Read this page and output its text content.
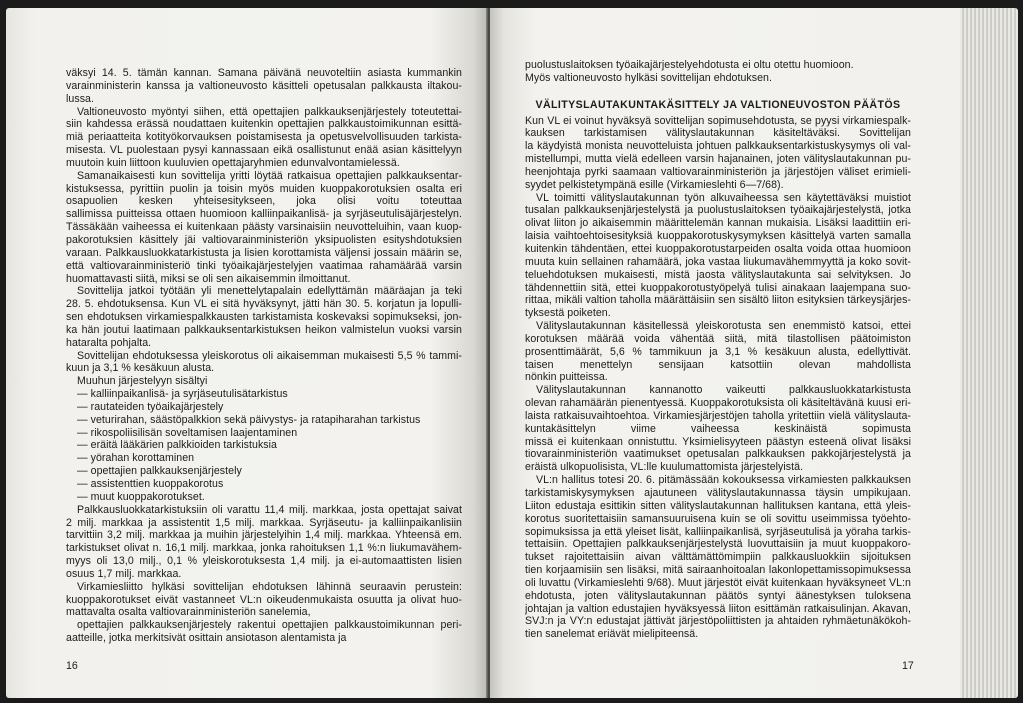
väksyi 14. 5. tämän kannan. Samana päivänä neuvoteltiin asiasta kummankin
varainministerin kanssa ja valtioneuvosto käsitteli opetusalan palkkausta iltakou-
lussa.
Valtioneuvosto myöntyi siihen, että opettajien palkkauksenjärjestely toteutettai-
siin kahdessa erässä noudattaen kuitenkin opettajien palkkaustoimikunnan esittä-
miä periaatteita kotityökorvauksen poistamisesta ja opetusvelvollisuuden tarkista-
misesta. VL puolestaan pysyi kannassaan eikä osallistunut enää asian käsittelyyn
muutoin kuin liittoon kuuluvien opettajaryhmien edunvalvontamielessä.
Samanaikaisesti kun sovittelija yritti löytää ratkaisua opettajien palkkauksentar-
kistuksessa, pyrittiin puolin ja toisin myös muiden kuoppakorotuksien osalta eri
osapuolien kesken yhteisesitykseen, joka olisi voitu toteuttaa
sallimissa puitteissa ottaen huomioon kalliinpaikanlisä- ja syrjäseutulisäjärjestelyn.
Tässäkään vaiheessa ei kuitenkaan päästy varsinaisiin neuvotteluihin, vaan kuop-
pakorotuksien käsittely jäi valtiovarainministeriön yksipuolisten esityshdotuksien
varaan. Palkkausluokkatarkistusta ja lisien korottamista väljensi jossain määrin se,
että valtiovarainministeriö tinki työaikajärjestelyjen vaatimaa rahamäärää varsin
huomattavasti siitä, miksi se oli sen aikaisemmin ilmoittanut.
Sovittelija jatkoi työtään yli menettelytapalain edellyttämän määräajan ja teki
28. 5. ehdotuksensa. Kun VL ei sitä hyväksynyt, jätti hän 30. 5. korjatun ja lopulli-
sen ehdotuksen virkamiespalkkausten tarkistamista koskevaksi sopimukseksi, jon-
ka hän joutui laatimaan palkkauksentarkistuksen heikon valmistelun vuoksi varsin
hataralta pohjalta.
Sovittelijan ehdotuksessa yleiskorotus oli aikaisemman mukaisesti 5,5 % tammi-
kuun ja 3,1 % kesäkuun alusta.
Muuhun järjestelyyn sisältyi
— kalliinpaikanlisä- ja syrjäseutulisätarkistus
— rautateiden työaikajärjestely
— veturirahan, säästöpalkkion sekä päivystys- ja ratapiharahan tarkistus
— rikospoliisilisän soveltamisen laajentaminen
— eräitä lääkärien palkkioiden tarkistuksia
— yörahan korottaminen
— opettajien palkkauksenjärjestely
— assistenttien kuoppakorotus
— muut kuoppakorotukset.
Palkkausluokkatarkistuksiin oli varattu 11,4 milj. markkaa, josta opettajat saivat
2 milj. markkaa ja assistentit 1,5 milj. markkaa. Syrjäseutu- ja kalliinpaikanlisiin
tarvittiin 3,2 milj. markkaa ja muihin järjestelyihin 1,4 milj. markkaa. Yhteensä em.
tarkistukset olivat n. 16,1 milj. markkaa, jonka rahoituksen 1,1 %:n liukumavähem-
myys oli 13,0 milj., 0,1 % yleiskorotuksesta 1,4 milj. ja ei-automaattisten lisien
osuus 1,7 milj. markkaa.
Virkamiesliitto hylkäsi sovittelijan ehdotuksen lähinnä seuraavin perustein:
kuoppakorotukset eivät vastanneet VL:n oikeudenmukaista osuutta ja olivat huo-
mattavalta osalta valtiovarainministeriön sanelemia,
opettajien palkkauksenjärjestely rakentui opettajien palkkaustoimikunnan peri-
aatteille, jotka merkitsivät osittain ansiotason alentamista ja
16
puolustuslaitoksen työaikajärjestelyehdotusta ei oltu otettu huomioon.
Myös valtioneuvosto hylkäsi sovittelijan ehdotuksen.
VÄLITYSLAUTAKUNTAKÄSITTELY JA VALTIONEUVOSTON PÄÄTÖS
Kun VL ei voinut hyväksyä sovittelijan sopimusehdotusta, se pyysi virkamiespalk-
kauksen tarkistamisen välityslautakunnan käsiteltäväksi. Sovittelijan
la käydyistä monista neuvotteluista johtuen palkkauksentarkistuskysymys oli val-
mistellumpi, mutta vielä edelleen varsin hajanainen, joten välityslautakunnan pu-
heenjohtaja pyrki saamaan valtiovarainministeriön ja järjestöjen väliset erimieli-
syydet pelkistetympänä esille (Virkamieslehti 6—7/68).
VL toimitti välityslautakunnan työn alkuvaiheessa sen käytettäväksi muistiot
tusalan palkkauksenjärjestelystä ja puolustuslaitoksen työaikajärjestelystä, jotka
olivat liiton jo aikaisemmin määrittelemän kannan mukaisia. Lisäksi laadittiin eri-
laisia vaihtoehtoisesityksiä kuoppakorotuskysymyksen käsittelyä varten samalla
kuitenkin tähdentäen, ettei kuoppakorotustarpeiden osalta voida ottaa huomioon
muuta kuin sellainen rahamäärä, joka vastaa liukumavähemmyyttä ja koko sovit-
teluehdotuksen mukaisesti, mistä jaosta välityslautakunta sai selvityksen. Jo
tähdennettiin sitä, ettei kuoppakorotustyöpelyä tulisi ainakaan laajempana suo-
rittaa, mikäli valtion taholla määrättäisiin sen sisältö liiton esityksien tärkeysjärjes-
tyksestä poiketen.
Välityslautakunnan käsitellessä yleiskorotusta sen enemmistö katsoi, ettei
korotuksen määrää voida vähentää siitä, mitä tilastollisen päätoimiston
prosenttimäärät, 5,6 % tammikuun ja 3,1 % kesäkuun alusta, edellyttivät.
taisen menettelyn sensijaan katsottiin olevan mahdollista
nönkin puitteissa.
Välityslautakunnan kannanotto vaikeutti palkkausluokkatarkistusta
olevan rahamäärän pienentyessä. Kuoppakorotuksista oli käsiteltävänä kuusi eri-
laista ratkaisuvaihtoehtoa. Virkamiesjärjestöjen taholla yritettiin vielä välityslauta-
kuntakäsittelyn viime vaiheessa keskinäistä sopimusta
missä ei kuitenkaan onnistuttu. Yksimielisyyteen päästyn esteenä olivat lisäksi
tiovarainministeriön vaatimukset opetusalan palkkauksen pakkojärjestelystä ja
eräistä ulkopuolisista, VL:lle kuulumattomista järjestelyistä.
VL:n hallitus totesi 20. 6. pitämässään kokouksessa virkamiesten palkkauksen
tarkistamiskysymyksen ajautuneen välityslautakunnassa täysin umpikujaan.
Liiton edustaja esittikin sitten välityslautakunnan hallituksen kantana, että yleis-
korotus suoritettaisiin samansuuruisena kuin se oli sovittu useimmissa työehto-
sopimuksissa ja että yleiset lisät, kalliinpaikanlisä, syrjäseutulisä ja yöraha tarkis-
tettaisiin. Opettajien palkkauksenjärjestelystä luovuttaisiin ja muut kuoppakoro-
tukset rajoitettaisiin aivan välttämättömimpiin palkkausluokkiin sijoituksen
tien korjaamisiin sen lisäksi, mitä sairaanhoitoalan lakonlopettamissopimuksessa
oli luvattu (Virkamieslehti 9/68). Muut järjestöt eivät kuitenkaan hyväksyneet VL:n
ehdotusta, joten välityslautakunnan päätös syntyi äänestyksen tuloksena
johtajan ja valtion edustajien hyväksyessä liiton esittämän ratkaisulinjan. Akavan,
SVJ:n ja VY:n edustajat jättivät järjestöpoliittisten ja ahtaiden ryhmäetunäkökoh-
tien sanelemat eriävät mielipiteensä.
17
